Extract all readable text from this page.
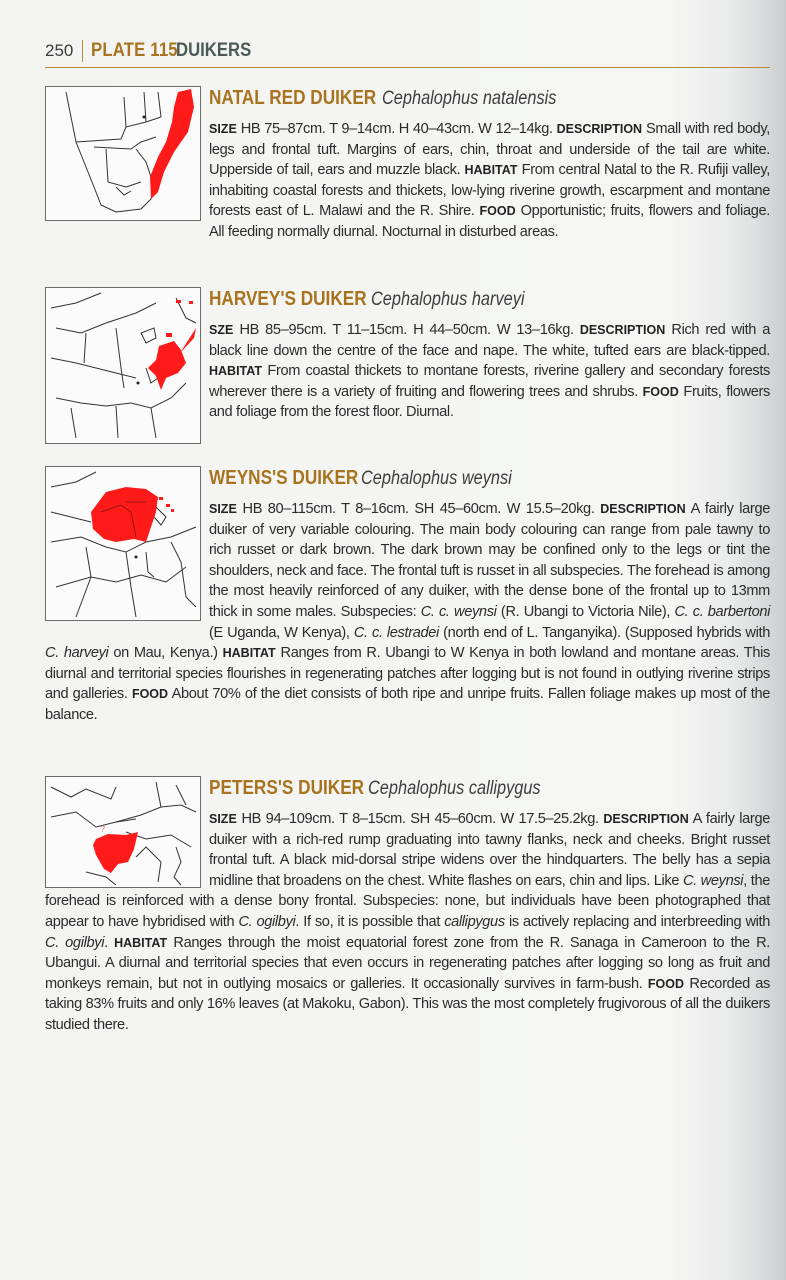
250 PLATE 115
DUIKERS
NATAL RED DUIKER Cephalophus natalensis
SIZE HB 75–87cm. T 9–14cm. H 40–43cm. W 12–14kg. DESCRIPTION Small with red body, legs and frontal tuft. Margins of ears, chin, throat and underside of the tail are white. Upperside of tail, ears and muzzle black. HABITAT From central Natal to the R. Rufiji valley, inhabiting coastal forests and thickets, low-lying riverine growth, escarpment and montane forests east of L. Malawi and the R. Shire. FOOD Opportunistic; fruits, flowers and foliage. All feeding normally diurnal. Nocturnal in disturbed areas.
HARVEY'S DUIKER Cephalophus harveyi
SZE HB 85–95cm. T 11–15cm. H 44–50cm. W 13–16kg. DESCRIPTION Rich red with a black line down the centre of the face and nape. The white, tufted ears are black-tipped. HABITAT From coastal thickets to montane forests, riverine gallery and secondary forests wherever there is a variety of fruiting and flowering trees and shrubs. FOOD Fruits, flowers and foliage from the forest floor. Diurnal.
WEYNS'S DUIKER Cephalophus weynsi
SIZE HB 80–115cm. T 8–16cm. SH 45–60cm. W 15.5–20kg. DESCRIPTION A fairly large duiker of very variable colouring. The main body colouring can range from pale tawny to rich russet or dark brown. The dark brown may be confined only to the legs or tint the shoulders, neck and face. The frontal tuft is russet in all subspecies. The forehead is among the most heavily reinforced of any duiker, with the dense bone of the frontal up to 13mm thick in some males. Subspecies: C. c. weynsi (R. Ubangi to Victoria Nile), C. c. barbertoni (E Uganda, W Kenya), C. c. lestradei (north end of L. Tanganyika). (Supposed hybrids with C. harveyi on Mau, Kenya.) HABITAT Ranges from R. Ubangi to W Kenya in both lowland and montane areas. This diurnal and territorial species flourishes in regenerating patches after logging but is not found in outlying riverine strips and galleries. FOOD About 70% of the diet consists of both ripe and unripe fruits. Fallen foliage makes up most of the balance.
?
PETERS'S DUIKER Cephalophus callipygus
SIZE HB 94–109cm. T 8–15cm. SH 45–60cm. W 17.5–25.2kg. DESCRIPTION A fairly large duiker with a rich-red rump graduating into tawny flanks, neck and cheeks. Bright russet frontal tuft. A black mid-dorsal stripe widens over the hindquarters. The belly has a sepia midline that broadens on the chest. White flashes on ears, chin and lips. Like C. weynsi, the forehead is reinforced with a dense bony frontal. Subspecies: none, but individuals have been photographed that appear to have hybridised with C. ogilbyi. If so, it is possible that callipygus is actively replacing and interbreeding with C. ogilbyi. HABITAT Ranges through the moist equatorial forest zone from the R. Sanaga in Cameroon to the R. Ubangui. A diurnal and territorial species that even occurs in regenerating patches after logging so long as fruit and monkeys remain, but not in outlying mosaics or galleries. It occasionally survives in farm-bush. FOOD Recorded as taking 83% fruits and only 16% leaves (at Makoku, Gabon). This was the most completely frugivorous of all the duikers studied there.
